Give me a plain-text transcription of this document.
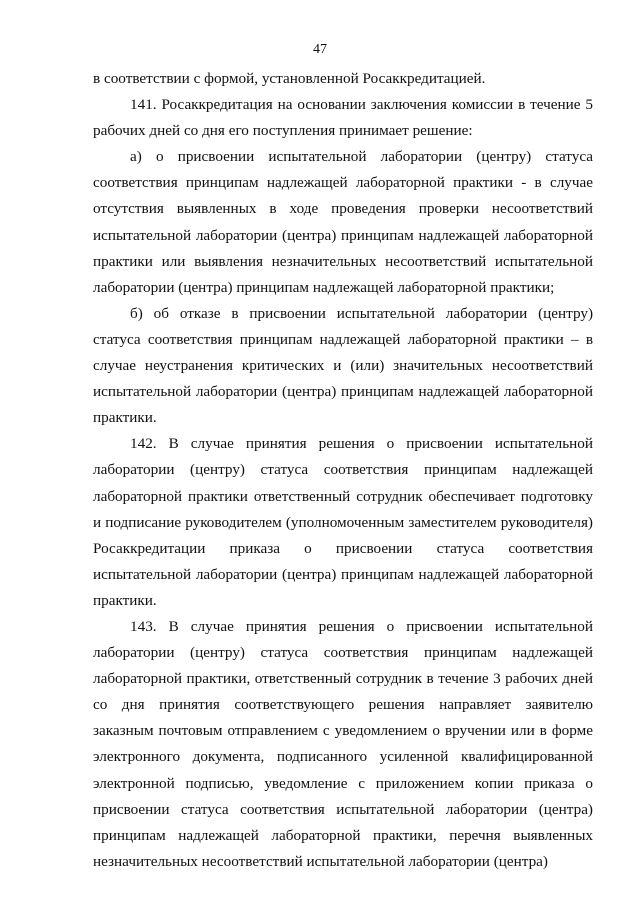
47

в соответствии с формой, установленной Росаккредитацией.

141. Росаккредитация на основании заключения комиссии в течение 5 рабочих дней со дня его поступления принимает решение:

а) о присвоении испытательной лаборатории (центру) статуса соответствия принципам надлежащей лабораторной практики - в случае отсутствия выявленных в ходе проведения проверки несоответствий испытательной лаборатории (центра) принципам надлежащей лабораторной практики или выявления незначительных несоответствий испытательной лаборатории (центра) принципам надлежащей лабораторной практики;

б) об отказе в присвоении испытательной лаборатории (центру) статуса соответствия принципам надлежащей лабораторной практики – в случае неустранения критических и (или) значительных несоответствий испытательной лаборатории (центра) принципам надлежащей лабораторной практики.

142. В случае принятия решения о присвоении испытательной лаборатории (центру) статуса соответствия принципам надлежащей лабораторной практики ответственный сотрудник обеспечивает подготовку и подписание руководителем (уполномоченным заместителем руководителя) Росаккредитации приказа о присвоении статуса соответствия испытательной лаборатории (центра) принципам надлежащей лабораторной практики.

143. В случае принятия решения о присвоении испытательной лаборатории (центру) статуса соответствия принципам надлежащей лабораторной практики, ответственный сотрудник в течение 3 рабочих дней со дня принятия соответствующего решения направляет заявителю заказным почтовым отправлением с уведомлением о вручении или в форме электронного документа, подписанного усиленной квалифицированной электронной подписью, уведомление с приложением копии приказа о присвоении статуса соответствия испытательной лаборатории (центра) принципам надлежащей лабораторной практики, перечня выявленных незначительных несоответствий испытательной лаборатории (центра)
